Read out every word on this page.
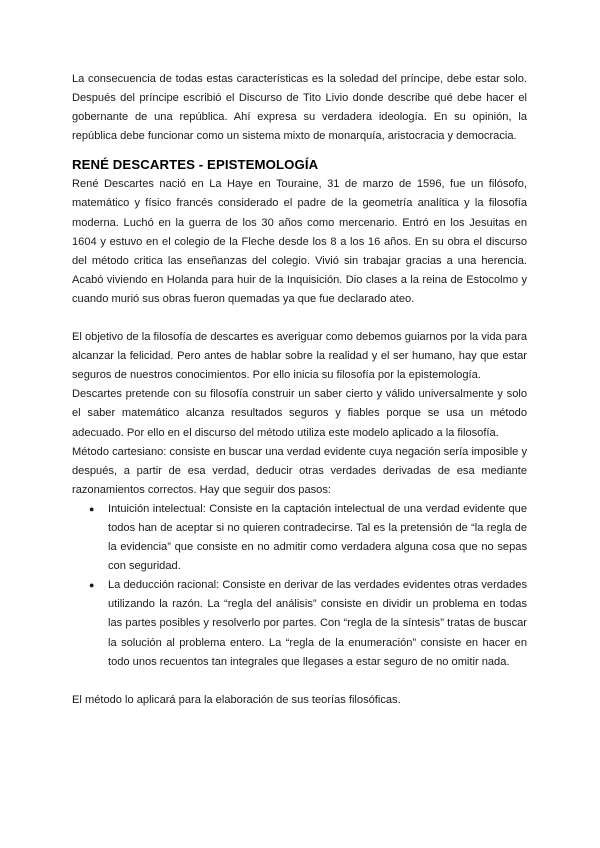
La consecuencia de todas estas características es la soledad del príncipe, debe estar solo. Después del príncipe escribió el Discurso de Tito Livio donde describe qué debe hacer el gobernante de una república. Ahí expresa su verdadera ideología. En su opinión, la república debe funcionar como un sistema mixto de monarquía, aristocracia y democracia.

RENÉ DESCARTES - EPISTEMOLOGÍA

René Descartes nació en La Haye en Touraine, 31 de marzo de 1596, fue un filósofo, matemático y físico francés considerado el padre de la geometría analítica y la filosofía moderna. Luchó en la guerra de los 30 años como mercenario. Entró en los Jesuitas en 1604 y estuvo en el colegio de la Fleche desde los 8 a los 16 años. En su obra el discurso del método critica las enseñanzas del colegio. Vivió sin trabajar gracias a una herencia. Acabó viviendo en Holanda para huir de la Inquisición. Dio clases a la reina de Estocolmo y cuando murió sus obras fueron quemadas ya que fue declarado ateo.

El objetivo de la filosofía de descartes es averiguar como debemos guiarnos por la vida para alcanzar la felicidad. Pero antes de hablar sobre la realidad y el ser humano, hay que estar seguros de nuestros conocimientos. Por ello inicia su filosofía por la epistemología.

Descartes pretende con su filosofía construir un saber cierto y válido universalmente y solo el saber matemático alcanza resultados seguros y fiables porque se usa un método adecuado. Por ello en el discurso del método utiliza este modelo aplicado a la filosofía.

Método cartesiano: consiste en buscar una verdad evidente cuya negación sería imposible y después, a partir de esa verdad, deducir otras verdades derivadas de esa mediante razonamientos correctos. Hay que seguir dos pasos:

● Intuición intelectual: Consiste en la captación intelectual de una verdad evidente que todos han de aceptar si no quieren contradecirse. Tal es la pretensión de “la regla de la evidencia” que consiste en no admitir como verdadera alguna cosa que no sepas con seguridad.
● La deducción racional: Consiste en derivar de las verdades evidentes otras verdades utilizando la razón. La “regla del análisis” consiste en dividir un problema en todas las partes posibles y resolverlo por partes. Con “regla de la síntesis” tratas de buscar la solución al problema entero. La “regla de la enumeración” consiste en hacer en todo unos recuentos tan integrales que llegases a estar seguro de no omitir nada.

El método lo aplicará para la elaboración de sus teorías filosóficas.
